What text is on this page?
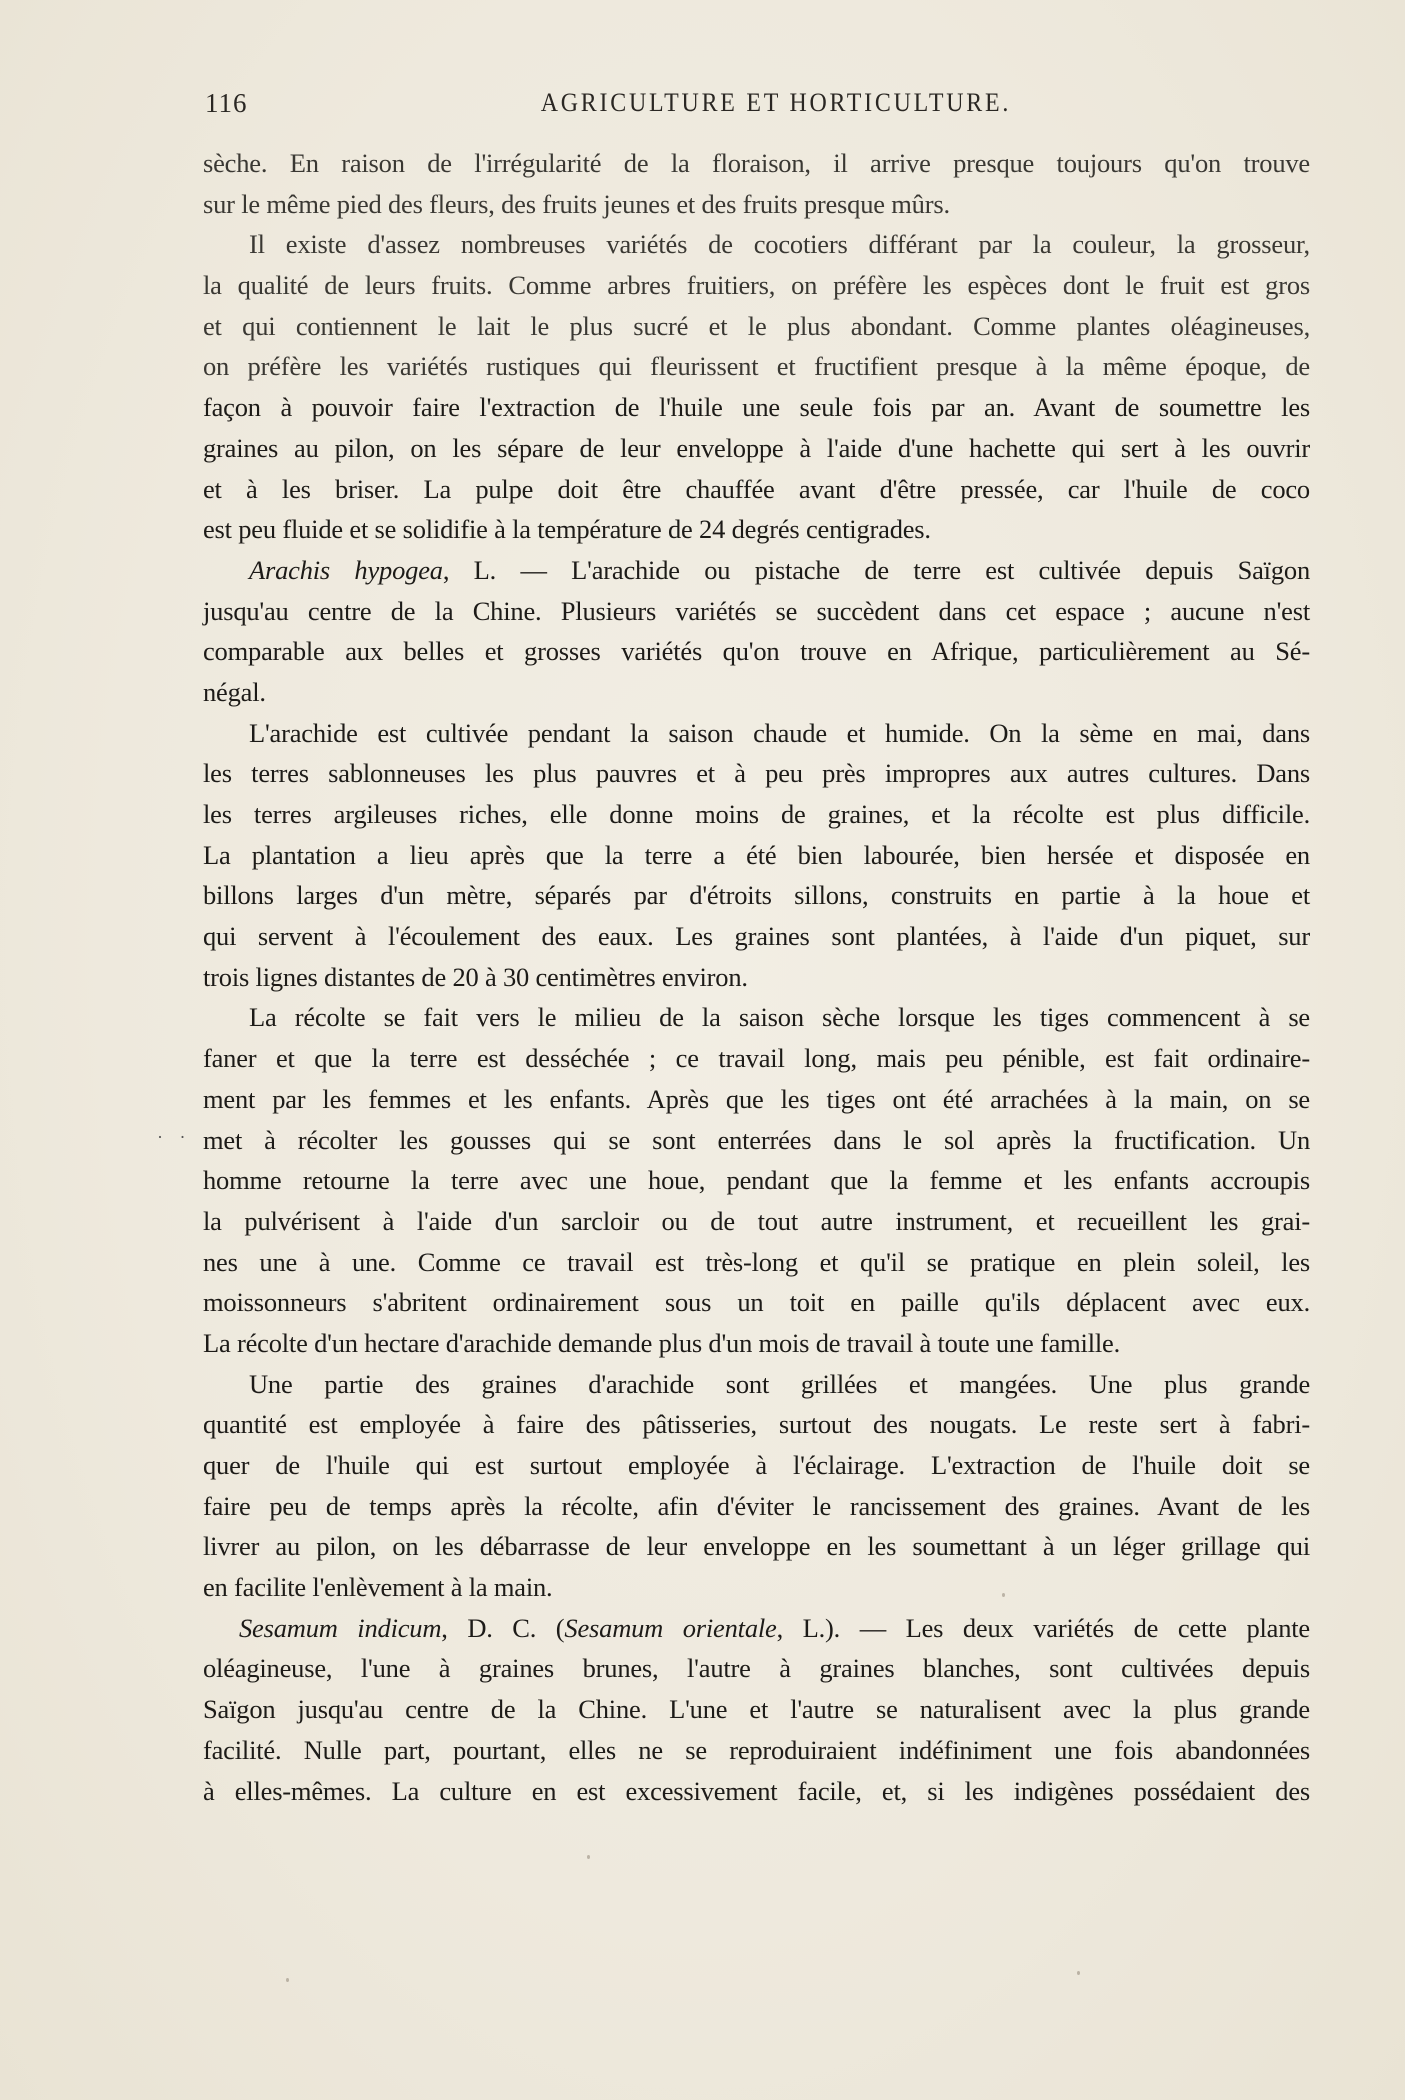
116	AGRICULTURE ET HORTICULTURE.
· ·
sèche. En raison de l'irrégularité de la floraison, il arrive presque toujours qu'on trouve
sur le même pied des fleurs, des fruits jeunes et des fruits presque mûrs.
Il existe d'assez nombreuses variétés de cocotiers différant par la couleur, la grosseur,
la qualité de leurs fruits. Comme arbres fruitiers, on préfère les espèces dont le fruit est gros
et qui contiennent le lait le plus sucré et le plus abondant. Comme plantes oléagineuses,
on préfère les variétés rustiques qui fleurissent et fructifient presque à la même époque, de
façon à pouvoir faire l'extraction de l'huile une seule fois par an. Avant de soumettre les
graines au pilon, on les sépare de leur enveloppe à l'aide d'une hachette qui sert à les ouvrir
et à les briser. La pulpe doit être chauffée avant d'être pressée, car l'huile de coco
est peu fluide et se solidifie à la température de 24 degrés centigrades.
Arachis hypogea, L. — L'arachide ou pistache de terre est cultivée depuis Saïgon
jusqu'au centre de la Chine. Plusieurs variétés se succèdent dans cet espace ; aucune n'est
comparable aux belles et grosses variétés qu'on trouve en Afrique, particulièrement au Sé-
négal.
L'arachide est cultivée pendant la saison chaude et humide. On la sème en mai, dans
les terres sablonneuses les plus pauvres et à peu près impropres aux autres cultures. Dans
les terres argileuses riches, elle donne moins de graines, et la récolte est plus difficile.
La plantation a lieu après que la terre a été bien labourée, bien hersée et disposée en
billons larges d'un mètre, séparés par d'étroits sillons, construits en partie à la houe et
qui servent à l'écoulement des eaux. Les graines sont plantées, à l'aide d'un piquet, sur
trois lignes distantes de 20 à 30 centimètres environ.
La récolte se fait vers le milieu de la saison sèche lorsque les tiges commencent à se
faner et que la terre est desséchée ; ce travail long, mais peu pénible, est fait ordinaire-
ment par les femmes et les enfants. Après que les tiges ont été arrachées à la main, on se
met à récolter les gousses qui se sont enterrées dans le sol après la fructification. Un
homme retourne la terre avec une houe, pendant que la femme et les enfants accroupis
la pulvérisent à l'aide d'un sarcloir ou de tout autre instrument, et recueillent les grai-
nes une à une. Comme ce travail est très-long et qu'il se pratique en plein soleil, les
moissonneurs s'abritent ordinairement sous un toit en paille qu'ils déplacent avec eux.
La récolte d'un hectare d'arachide demande plus d'un mois de travail à toute une famille.
Une partie des graines d'arachide sont grillées et mangées. Une plus grande
quantité est employée à faire des pâtisseries, surtout des nougats. Le reste sert à fabri-
quer de l'huile qui est surtout employée à l'éclairage. L'extraction de l'huile doit se
faire peu de temps après la récolte, afin d'éviter le rancissement des graines. Avant de les
livrer au pilon, on les débarrasse de leur enveloppe en les soumettant à un léger grillage qui
en facilite l'enlèvement à la main.
Sesamum indicum, D. C. (Sesamum orientale, L.). — Les deux variétés de cette plante
oléagineuse, l'une à graines brunes, l'autre à graines blanches, sont cultivées depuis
Saïgon jusqu'au centre de la Chine. L'une et l'autre se naturalisent avec la plus grande
facilité. Nulle part, pourtant, elles ne se reproduiraient indéfiniment une fois abandonnées
à elles-mêmes. La culture en est excessivement facile, et, si les indigènes possédaient des
